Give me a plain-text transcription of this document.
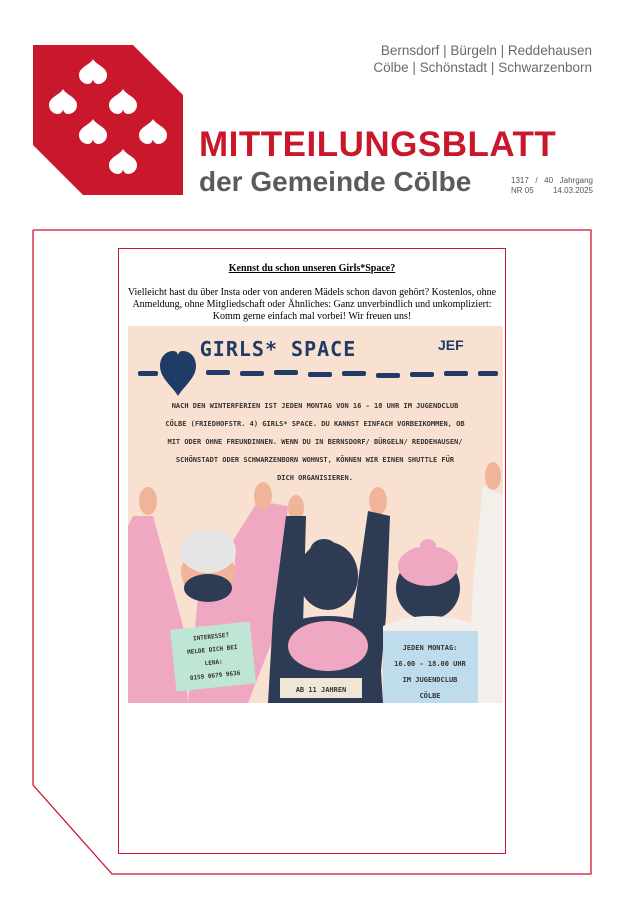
Bernsdorf | Bürgeln | Reddehausen
Cölbe | Schönstadt | Schwarzenborn
MITTEILUNGSBLATT
der Gemeinde Cölbe	1317 / 40 Jahrgang
NR 05 14.03.2025
Kennst du schon unseren Girls*Space?
Vielleicht hast du über Insta oder von anderen Mädels schon davon gehört? Kostenlos, ohne Anmeldung, ohne Mitgliedschaft oder Ähnliches: Ganz unverbindlich und unkompliziert: Komm gerne einfach mal vorbei! Wir freuen uns!
GIRLS* SPACE	JEF
NACH DEN WINTERFERIEN IST JEDEN MONTAG VON 16 - 18 UHR IM JUGENDCLUB
CÖLBE (FRIEDHOFSTR. 4) GIRLS* SPACE. DU KANNST EINFACH VORBEIKOMMEN, OB
MIT ODER OHNE FREUNDINNEN. WENN DU IN BERNSDORF/ BÜRGELN/ REDDEHAUSEN/
SCHÖNSTADT ODER SCHWARZENBORN WOHNST, KÖNNEN WIR EINEN SHUTTLE FÜR
DICH ORGANISIEREN.
INTERESSE?
MELDE DICH BEI
LENA:
0159 0679 9636
AB 11 JAHREN
JEDEN MONTAG:
16.00 - 18.00 UHR
IM JUGENDCLUB
CÖLBE
